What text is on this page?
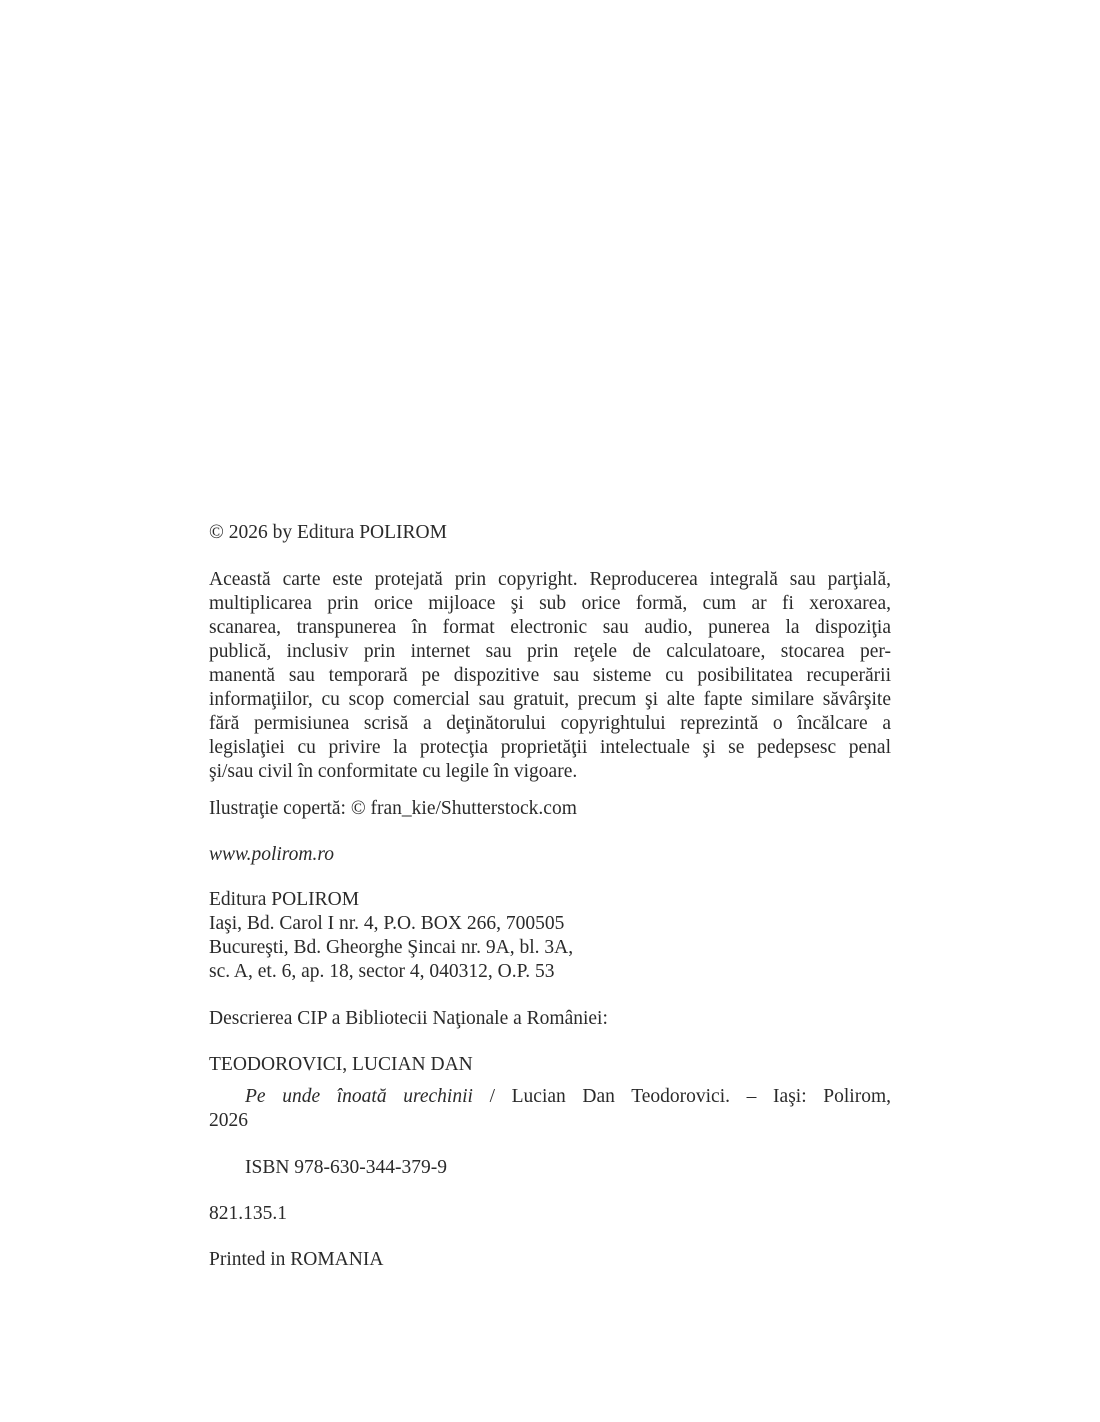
© 2026 by Editura POLIROM
Această carte este protejată prin copyright. Reproducerea integrală sau parţială,
multiplicarea prin orice mijloace şi sub orice formă, cum ar fi xeroxarea,
scanarea, transpunerea în format electronic sau audio, punerea la dispoziţia
publică, inclusiv prin internet sau prin reţele de calculatoare, stocarea per-
manentă sau temporară pe dispozitive sau sisteme cu posibilitatea recuperării
informaţiilor, cu scop comercial sau gratuit, precum şi alte fapte similare săvârşite
fără permisiunea scrisă a deţinătorului copyrightului reprezintă o încălcare a
legislaţiei cu privire la protecţia proprietăţii intelectuale şi se pedepsesc penal
şi/sau civil în conformitate cu legile în vigoare.
Ilustraţie copertă: © fran_kie/Shutterstock.com
www.polirom.ro
Editura POLIROM
Iaşi, Bd. Carol I nr. 4, P.O. BOX 266, 700505
Bucureşti, Bd. Gheorghe Şincai nr. 9A, bl. 3A,
sc. A, et. 6, ap. 18, sector 4, 040312, O.P. 53
Descrierea CIP a Bibliotecii Naţionale a României:
TEODOROVICI, LUCIAN DAN
Pe unde înoată urechinii / Lucian Dan Teodorovici. – Iaşi: Polirom,
2026
ISBN 978-630-344-379-9
821.135.1
Printed in ROMANIA
